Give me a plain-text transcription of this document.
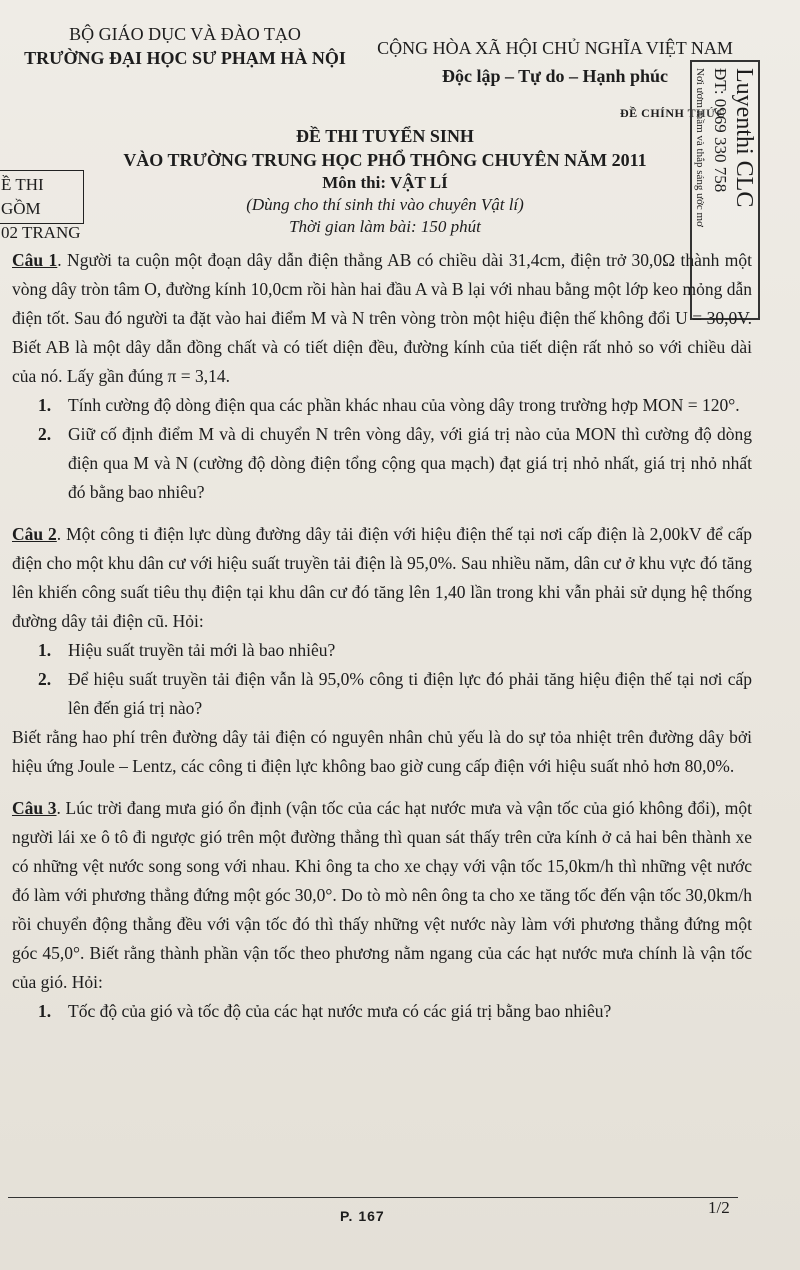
BỘ GIÁO DỤC VÀ ĐÀO TẠO
TRƯỜNG ĐẠI HỌC SƯ PHẠM HÀ NỘI	CỘNG HÒA XÃ HỘI CHỦ NGHĨA VIỆT NAM
Độc lập – Tự do – Hạnh phúc
ĐỀ CHÍNH THỨC
ĐỀ THI TUYỂN SINH
VÀO TRƯỜNG TRUNG HỌC PHỔ THÔNG CHUYÊN NĂM 2011
Môn thi: VẬT LÍ
(Dùng cho thí sinh thi vào chuyên Vật lí)
Thời gian làm bài: 150 phút
Ề THI GỒM
02 TRANG
Luyenthi CLC
ĐT: 0969 330 758
Nơi ươm mầm và thắp sáng ước mơ

Câu 1. Người ta cuộn một đoạn dây dẫn điện thẳng AB có chiều dài 31,4cm, điện trở 30,0Ω thành một vòng dây tròn tâm O, đường kính 10,0cm rồi hàn hai đầu A và B lại với nhau bằng một lớp keo mỏng dẫn điện tốt. Sau đó người ta đặt vào hai điểm M và N trên vòng tròn một hiệu điện thế không đổi U = 30,0V. Biết AB là một dây dẫn đồng chất và có tiết diện đều, đường kính của tiết diện rất nhỏ so với chiều dài của nó. Lấy gần đúng π = 3,14.

1. Tính cường độ dòng điện qua các phần khác nhau của vòng dây trong trường hợp MON = 120°.
2. Giữ cố định điểm M và di chuyển N trên vòng dây, với giá trị nào của MON thì cường độ dòng điện qua M và N (cường độ dòng điện tổng cộng qua mạch) đạt giá trị nhỏ nhất, giá trị nhỏ nhất đó bằng bao nhiêu?

Câu 2. Một công ti điện lực dùng đường dây tải điện với hiệu điện thế tại nơi cấp điện là 2,00kV để cấp điện cho một khu dân cư với hiệu suất truyền tải điện là 95,0%. Sau nhiều năm, dân cư ở khu vực đó tăng lên khiến công suất tiêu thụ điện tại khu dân cư đó tăng lên 1,40 lần trong khi vẫn phải sử dụng hệ thống đường dây tải điện cũ. Hỏi:

1. Hiệu suất truyền tải mới là bao nhiêu?
2. Để hiệu suất truyền tải điện vẫn là 95,0% công ti điện lực đó phải tăng hiệu điện thế tại nơi cấp lên đến giá trị nào?

Biết rằng hao phí trên đường dây tải điện có nguyên nhân chủ yếu là do sự tỏa nhiệt trên đường dây bởi hiệu ứng Joule – Lentz, các công ti điện lực không bao giờ cung cấp điện với hiệu suất nhỏ hơn 80,0%.

Câu 3. Lúc trời đang mưa gió ổn định (vận tốc của các hạt nước mưa và vận tốc của gió không đổi), một người lái xe ô tô đi ngược gió trên một đường thẳng thì quan sát thấy trên cửa kính ở cả hai bên thành xe có những vệt nước song song với nhau. Khi ông ta cho xe chạy với vận tốc 15,0km/h thì những vệt nước đó làm với phương thẳng đứng một góc 30,0°. Do tò mò nên ông ta cho xe tăng tốc đến vận tốc 30,0km/h rồi chuyển động thẳng đều với vận tốc đó thì thấy những vệt nước này làm với phương thẳng đứng một góc 45,0°. Biết rằng thành phần vận tốc theo phương nằm ngang của các hạt nước mưa chính là vận tốc của gió. Hỏi:

1. Tốc độ của gió và tốc độ của các hạt nước mưa có các giá trị bằng bao nhiêu?
P. 167	1/2
